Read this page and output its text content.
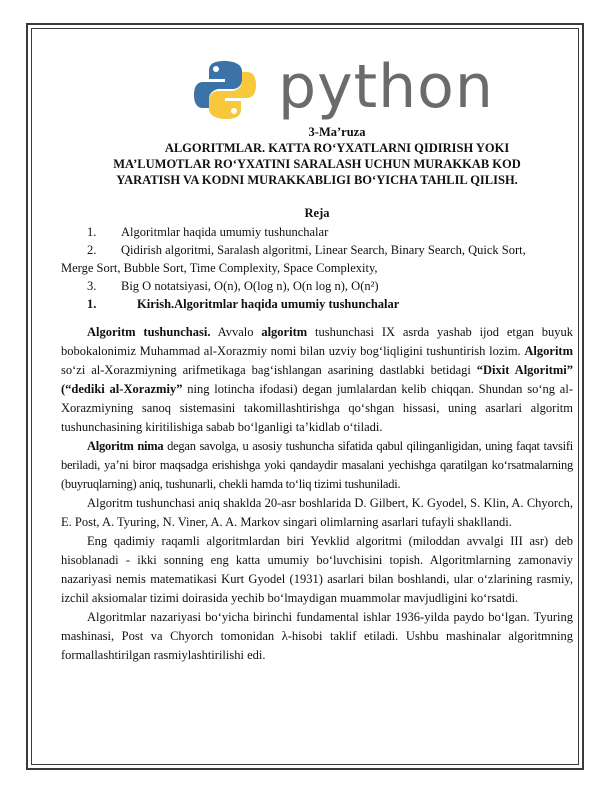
python

3-Ma’ruza

ALGORITMLAR. KATTA RO‘YXATLARNI QIDIRISH YOKI

MA’LUMOTLAR RO‘YXATINI SARALASH UCHUN MURAKKAB KOD

YARATISH VA KODNI MURAKKABLIGI BO‘YICHA TAHLIL QILISH.

Reja

1.	Algoritmlar haqida umumiy tushunchalar
2.	Qidirish algoritmi, Saralash algoritmi, Linear Search, Binary Search, Quick Sort,
Merge Sort, Bubble Sort, Time Complexity, Space Complexity,
3.	Big O notatsiyasi, O(n), O(log n), O(n log n), O(n²)
1.	Kirish.Algoritmlar haqida umumiy tushunchalar

Algoritm tushunchasi. Avvalo algoritm tushunchasi IX asrda yashab ijod etgan buyuk bobokalonimiz Muhammad al-Xorazmiy nomi bilan uzviy bog‘liqligini tushuntirish lozim. Algoritm so‘zi al-Xorazmiyning arifmetikaga bag‘ishlangan asarining dastlabki betidagi “Dixit Algoritmi” (“dediki al-Xorazmiy” ning lotincha ifodasi) degan jumlalardan kelib chiqqan. Shundan so‘ng al-Xorazmiyning sanoq sistemasini takomillashtirishga qo‘shgan hissasi, uning asarlari algoritm tushunchasining kiritilishiga sabab bo‘lganligi ta’kidlab o‘tiladi.

Algoritm nima degan savolga, u asosiy tushuncha sifatida qabul qilinganligidan, uning faqat tavsifi beriladi, ya’ni biror maqsadga erishishga yoki qandaydir masalani yechishga qaratilgan ko‘rsatmalarning (buyruqlarning) aniq, tushunarli, chekli hamda to‘liq tizimi tushuniladi.

Algoritm tushunchasi aniq shaklda 20-asr boshlarida D. Gilbert, K. Gyodel, S. Klin, A. Chyorch, E. Post, A. Tyuring, N. Viner, A. A. Markov singari olimlarning asarlari tufayli shakllandi.

Eng qadimiy raqamli algoritmlardan biri Yevklid algoritmi (miloddan avvalgi III asr) deb hisoblanadi - ikki sonning eng katta umumiy bo‘luvchisini topish. Algoritmlarning zamonaviy nazariyasi nemis matematikasi Kurt Gyodel (1931) asarlari bilan boshlandi, ular o‘zlarining rasmiy, izchil aksiomalar tizimi doirasida yechib bo‘lmaydigan muammolar mavjudligini ko‘rsatdi.

Algoritmlar nazariyasi bo‘yicha birinchi fundamental ishlar 1936-yilda paydo bo‘lgan. Tyuring mashinasi, Post va Chyorch tomonidan λ-hisobi taklif etiladi. Ushbu mashinalar algoritmning formallashtirilgan rasmiylashtirilishi edi.
